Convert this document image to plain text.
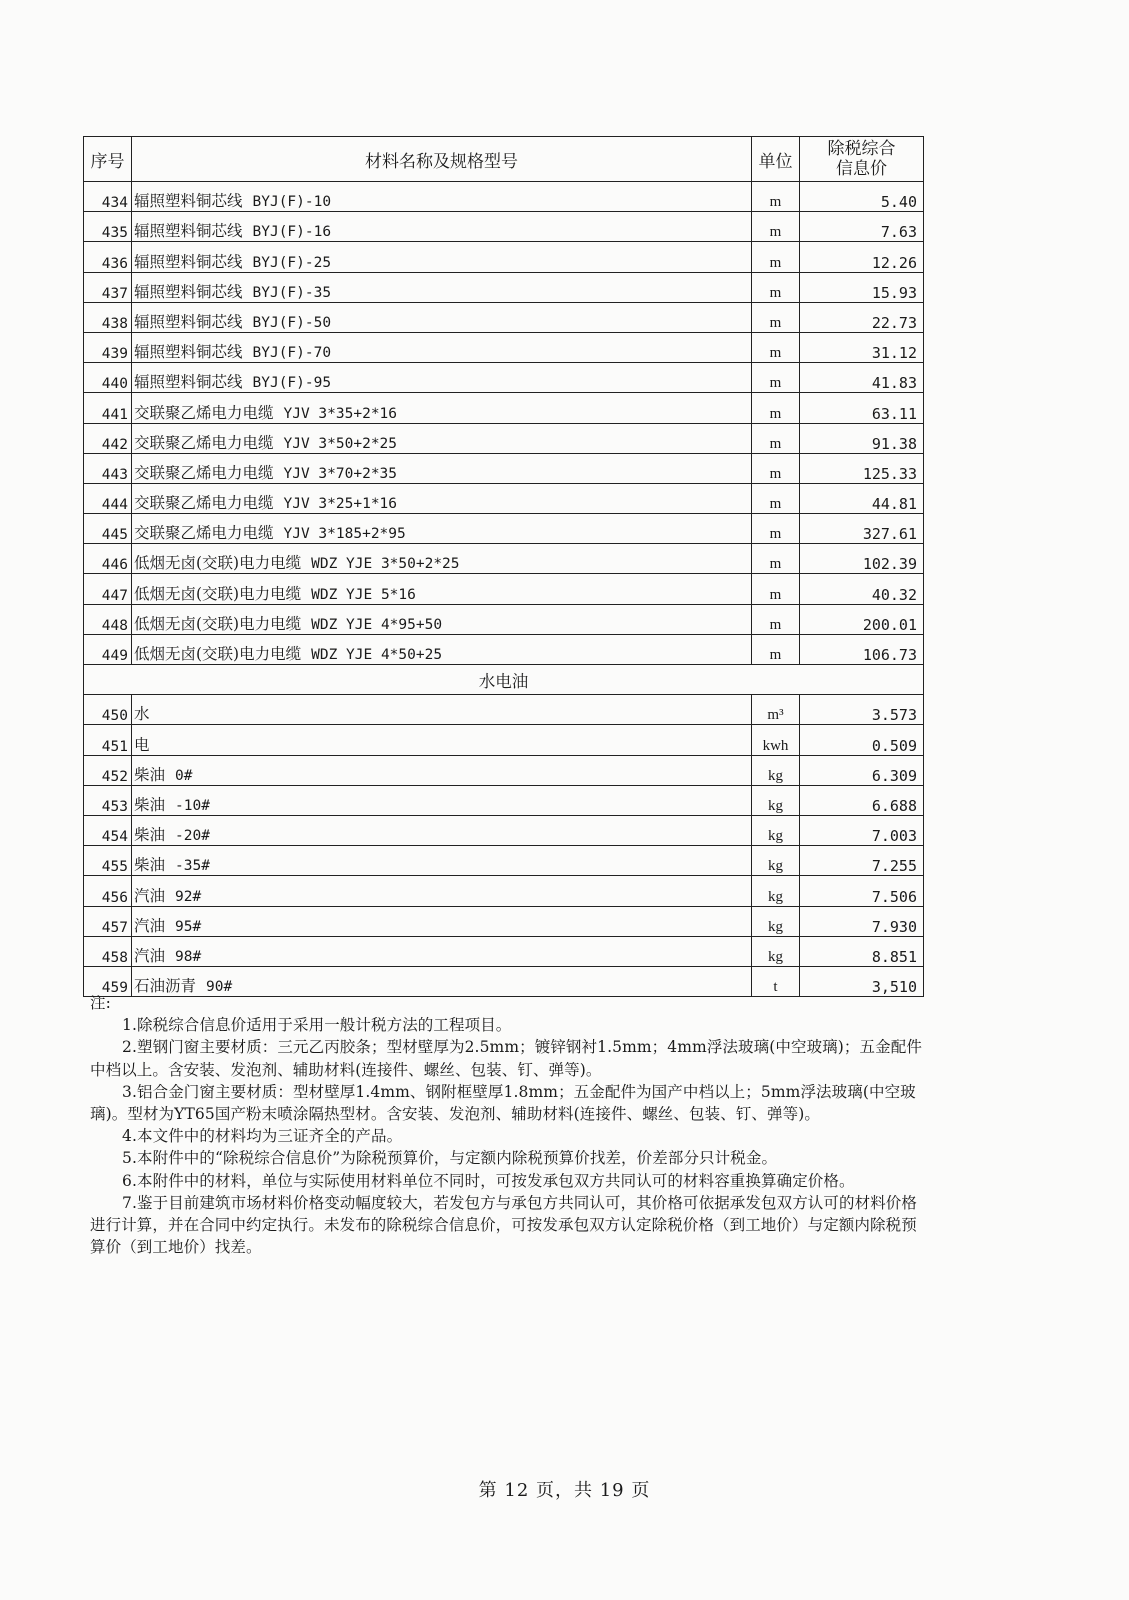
序号	材料名称及规格型号	单位	除税综合
信息价

434	辐照塑料铜芯线 BYJ(F)-10	m	5.40
435	辐照塑料铜芯线 BYJ(F)-16	m	7.63
436	辐照塑料铜芯线 BYJ(F)-25	m	12.26
437	辐照塑料铜芯线 BYJ(F)-35	m	15.93
438	辐照塑料铜芯线 BYJ(F)-50	m	22.73
439	辐照塑料铜芯线 BYJ(F)-70	m	31.12
440	辐照塑料铜芯线 BYJ(F)-95	m	41.83
441	交联聚乙烯电力电缆 YJV 3*35+2*16	m	63.11
442	交联聚乙烯电力电缆 YJV 3*50+2*25	m	91.38
443	交联聚乙烯电力电缆 YJV 3*70+2*35	m	125.33
444	交联聚乙烯电力电缆 YJV 3*25+1*16	m	44.81
445	交联聚乙烯电力电缆 YJV 3*185+2*95	m	327.61
446	低烟无卤(交联)电力电缆 WDZ YJE 3*50+2*25	m	102.39
447	低烟无卤(交联)电力电缆 WDZ YJE 5*16	m	40.32
448	低烟无卤(交联)电力电缆 WDZ YJE 4*95+50	m	200.01
449	低烟无卤(交联)电力电缆 WDZ YJE 4*50+25	m	106.73
水电油			
450	水	m³	3.573
451	电	kwh	0.509
452	柴油 0#	kg	6.309
453	柴油 -10#	kg	6.688
454	柴油 -20#	kg	7.003
455	柴油 -35#	kg	7.255
456	汽油 92#	kg	7.506
457	汽油 95#	kg	7.930
458	汽油 98#	kg	8.851
459	石油沥青 90#	t	3,510

注:

1.除税综合信息价适用于采用一般计税方法的工程项目。

2.塑钢门窗主要材质：三元乙丙胶条；型材壁厚为2.5mm；镀锌钢衬1.5mm；4mm浮法玻璃(中空玻璃)；五金配件中档以上。含安装、发泡剂、辅助材料(连接件、螺丝、包装、钉、弹等)。

3.铝合金门窗主要材质：型材壁厚1.4mm、钢附框壁厚1.8mm；五金配件为国产中档以上；5mm浮法玻璃(中空玻璃)。型材为YT65国产粉末喷涂隔热型材。含安装、发泡剂、辅助材料(连接件、螺丝、包装、钉、弹等)。

4.本文件中的材料均为三证齐全的产品。

5.本附件中的“除税综合信息价”为除税预算价，与定额内除税预算价找差，价差部分只计税金。

6.本附件中的材料，单位与实际使用材料单位不同时，可按发承包双方共同认可的材料容重换算确定价格。

7.鉴于目前建筑市场材料价格变动幅度较大，若发包方与承包方共同认可，其价格可依据承发包双方认可的材料价格进行计算，并在合同中约定执行。未发布的除税综合信息价，可按发承包双方认定除税价格（到工地价）与定额内除税预算价（到工地价）找差。

第 12 页，共 19 页
